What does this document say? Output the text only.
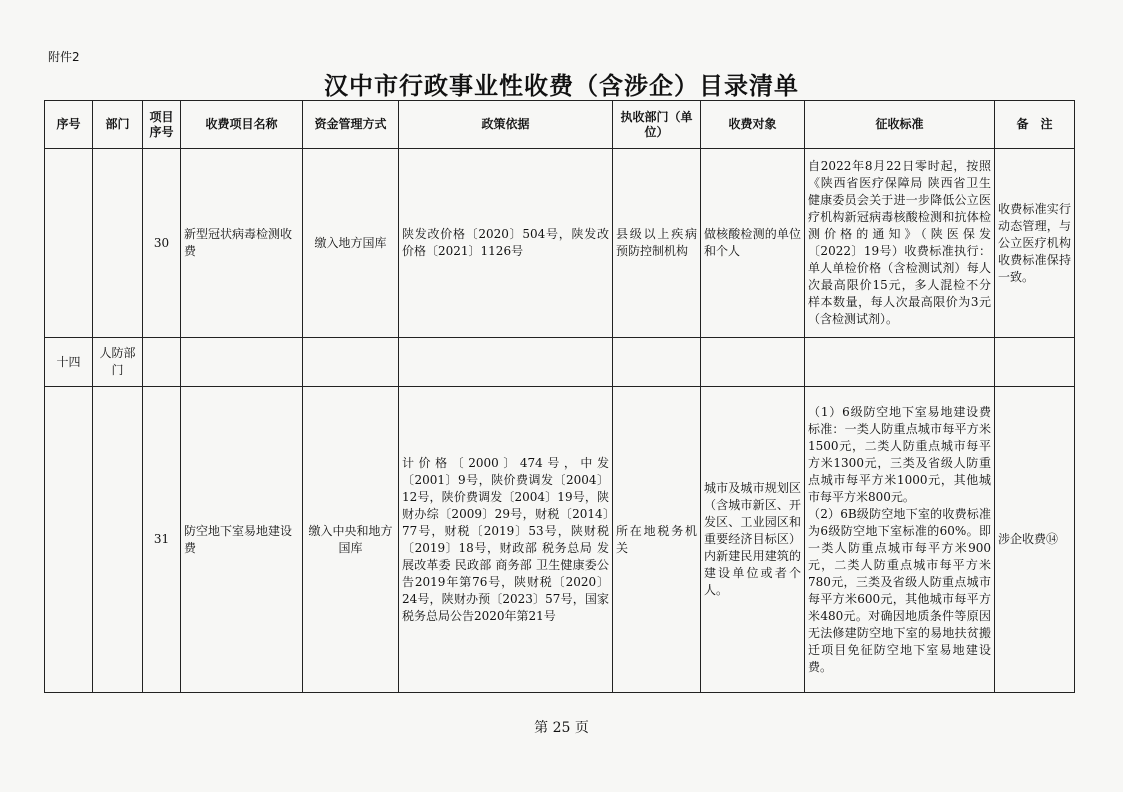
附件2
汉中市行政事业性收费（含涉企）目录清单
序号	部门	项目序号	收费项目名称	资金管理方式	政策依据	执收部门（单位）	收费对象	征收标准	备　注
		30	新型冠状病毒检测收费	缴入地方国库	陕发改价格〔2020〕504号，陕发改价格〔2021〕1126号	县级以上疾病预防控制机构	做核酸检测的单位和个人	自2022年8月22日零时起，按照《陕西省医疗保障局 陕西省卫生健康委员会关于进一步降低公立医疗机构新冠病毒核酸检测和抗体检测价格的通知》（陕医保发〔2022〕19号）收费标准执行：单人单检价格（含检测试剂）每人次最高限价15元，多人混检不分样本数量，每人次最高限价为3元（含检测试剂）。	收费标准实行动态管理，与公立医疗机构收费标准保持一致。
十四	人防部门								
		31	防空地下室易地建设费	缴入中央和地方国库	计价格〔2000〕474号，中发〔2001〕9号，陕价费调发〔2004〕12号，陕价费调发〔2004〕19号，陕财办综〔2009〕29号，财税〔2014〕77号，财税〔2019〕53号，陕财税〔2019〕18号，财政部 税务总局 发展改革委 民政部 商务部 卫生健康委公告2019年第76号，陕财税〔2020〕24号，陕财办预〔2023〕57号，国家税务总局公告2020年第21号	所在地税务机关	城市及城市规划区（含城市新区、开发区、工业园区和重要经济目标区）内新建民用建筑的建设单位或者个人。	（1）6级防空地下室易地建设费标准：一类人防重点城市每平方米1500元，二类人防重点城市每平方米1300元，三类及省级人防重点城市每平方米1000元，其他城市每平方米800元。
（2）6B级防空地下室的收费标准为6级防空地下室标准的60%。即一类人防重点城市每平方米900元，二类人防重点城市每平方米780元，三类及省级人防重点城市每平方米600元，其他城市每平方米480元。对确因地质条件等原因无法修建防空地下室的易地扶贫搬迁项目免征防空地下室易地建设费。	涉企收费⑭
第 25 页
